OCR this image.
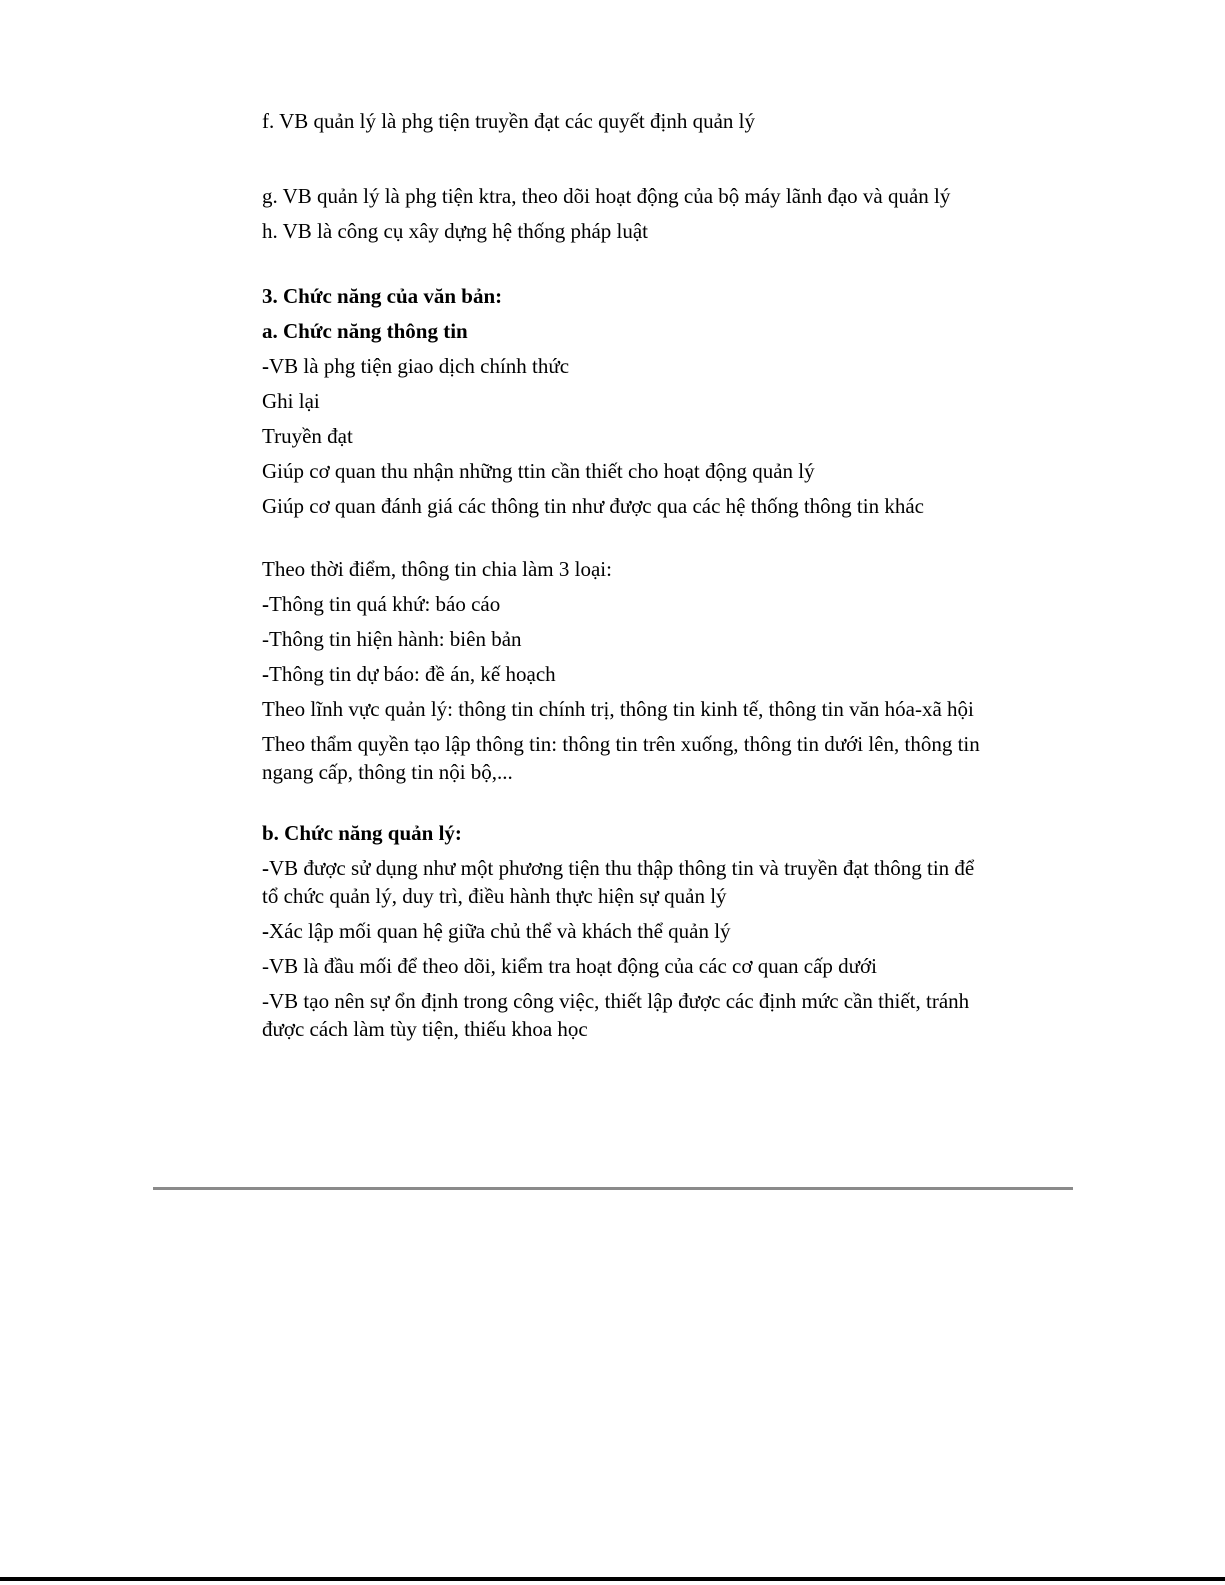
f. VB quản lý là phg tiện truyền đạt các quyết định quản lý

g. VB quản lý là phg tiện ktra, theo dõi hoạt động của bộ máy lãnh đạo và quản lý

h. VB là công cụ xây dựng hệ thống pháp luật

3. Chức năng của văn bản:

a. Chức năng thông tin

-VB là phg tiện giao dịch chính thức

Ghi lại

Truyền đạt

Giúp cơ quan thu nhận những ttin cần thiết cho hoạt động quản lý

Giúp cơ quan đánh giá các thông tin như được qua các hệ thống thông tin khác

Theo thời điểm, thông tin chia làm 3 loại:

-Thông tin quá khứ: báo cáo

-Thông tin hiện hành: biên bản

-Thông tin dự báo: đề án, kế hoạch

Theo lĩnh vực quản lý: thông tin chính trị, thông tin kinh tế, thông tin văn hóa-xã hội

Theo thẩm quyền tạo lập thông tin: thông tin trên xuống, thông tin dưới lên, thông tin ngang cấp, thông tin nội bộ,...

b. Chức năng quản lý:

-VB được sử dụng như một phương tiện thu thập thông tin và truyền đạt thông tin để tổ chức quản lý, duy trì, điều hành thực hiện sự quản lý

-Xác lập mối quan hệ giữa chủ thể và khách thể quản lý

-VB là đầu mối để theo dõi, kiểm tra hoạt động của các cơ quan cấp dưới

-VB tạo nên sự ổn định trong công việc, thiết lập được các định mức cần thiết, tránh được cách làm tùy tiện, thiếu khoa học
